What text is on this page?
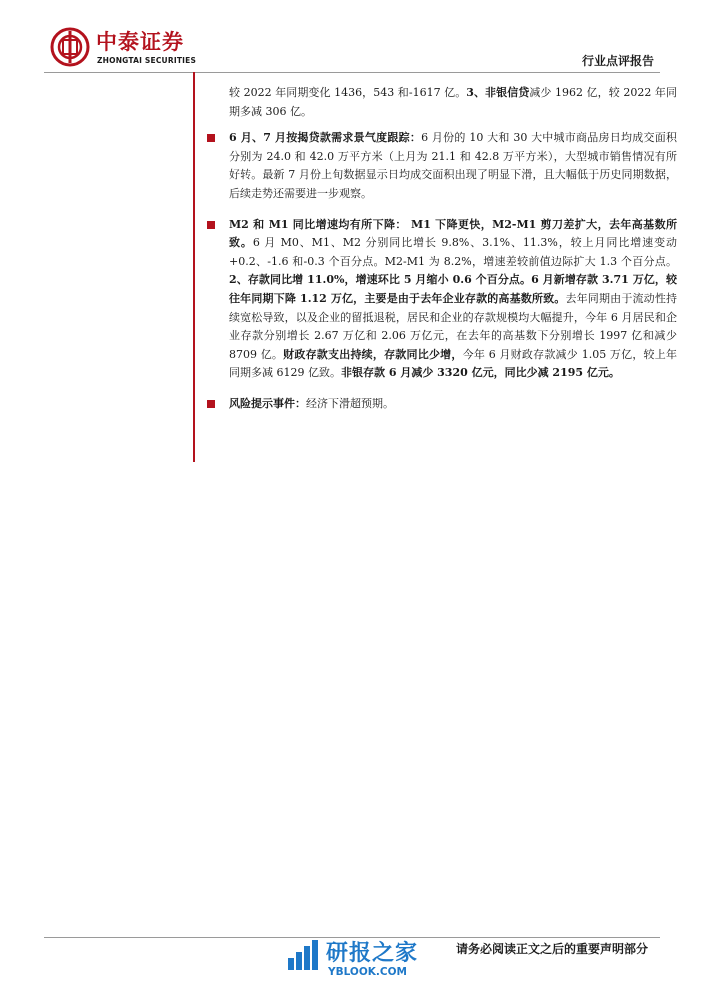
中泰证券
ZHONGTAI SECURITIES	行业点评报告
较 2022 年同期变化 1436，543 和-1617 亿。3、非银信贷减少 1962 亿，较 2022 年同期多减 306 亿。
6 月、7 月按揭贷款需求景气度跟踪：6 月份的 10 大和 30 大中城市商品房日均成交面积分别为 24.0 和 42.0 万平方米（上月为 21.1 和 42.8 万平方米），大型城市销售情况有所好转。最新 7 月份上旬数据显示日均成交面积出现了明显下滑，且大幅低于历史同期数据，后续走势还需要进一步观察。
M2 和 M1 同比增速均有所下降： M1 下降更快，M2-M1 剪刀差扩大，去年高基数所致。6 月 M0、M1、M2 分别同比增长 9.8%、3.1%、11.3%，较上月同比增速变动+0.2、-1.6 和-0.3 个百分点。M2-M1 为 8.2%，增速差较前值边际扩大 1.3 个百分点。2、存款同比增 11.0%，增速环比 5 月缩小 0.6 个百分点。6 月新增存款 3.71 万亿，较往年同期下降 1.12 万亿，主要是由于去年企业存款的高基数所致。去年同期由于流动性持续宽松导致，以及企业的留抵退税，居民和企业的存款规模均大幅提升，今年 6 月居民和企业存款分别增长 2.67 万亿和 2.06 万亿元，在去年的高基数下分别增长 1997 亿和减少 8709 亿。财政存款支出持续，存款同比少增，今年 6 月财政存款减少 1.05 万亿，较上年同期多减 6129 亿致。非银存款 6 月减少 3320 亿元，同比少减 2195 亿元。
风险提示事件：经济下滑超预期。
研报之家
YBLOOK.COM
请务必阅读正文之后的重要声明部分
